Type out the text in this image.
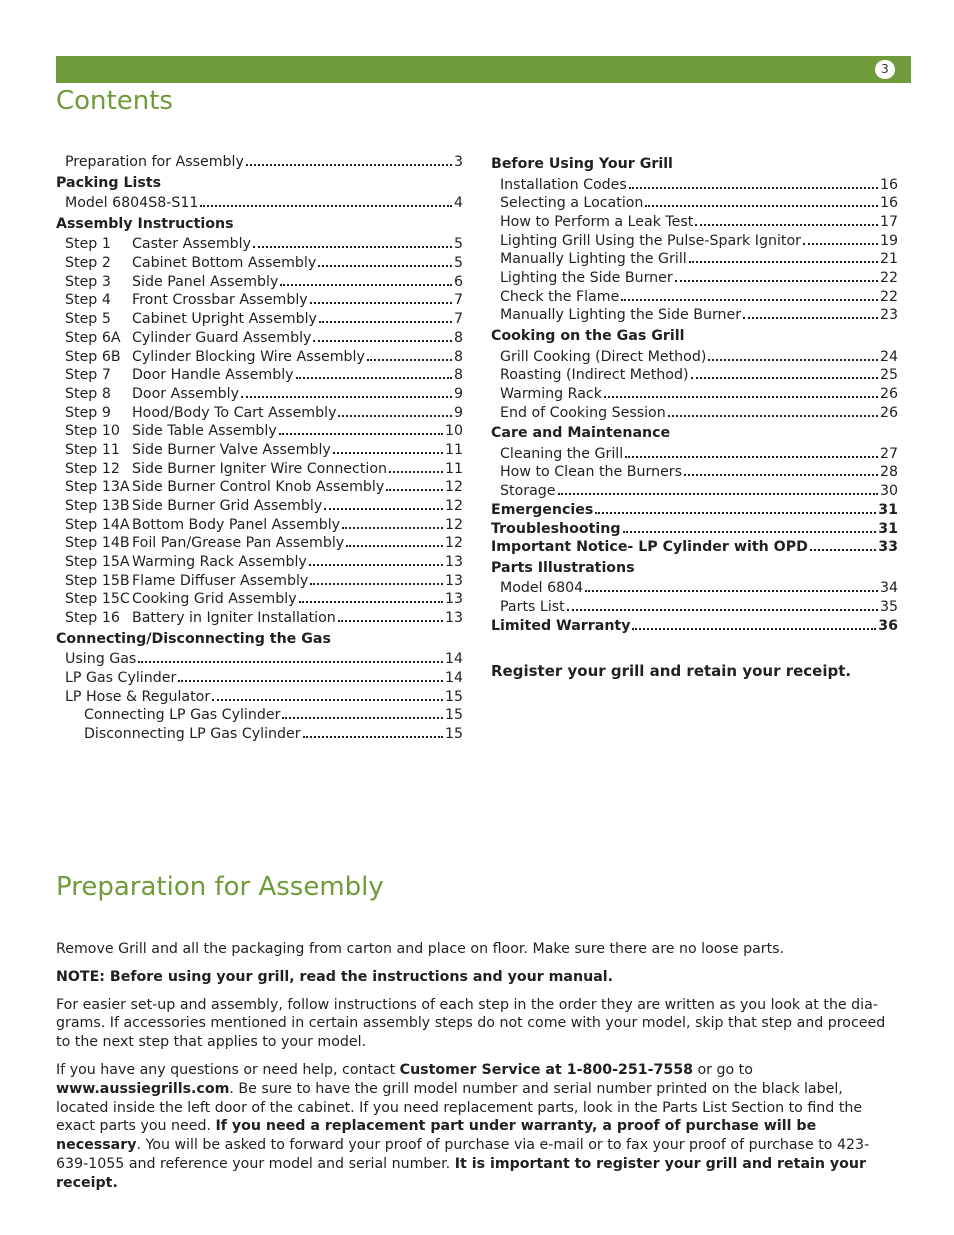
3
Contents
Preparation for Assembly	3
Packing Lists
Model 6804S8-S11	4
Assembly Instructions
Step 1	Caster Assembly	5
Step 2	Cabinet Bottom Assembly	5
Step 3	Side Panel Assembly	6
Step 4	Front Crossbar Assembly	7
Step 5	Cabinet Upright Assembly	7
Step 6A Cylinder Guard Assembly	8
Step 6B Cylinder Blocking Wire Assembly	8
Step 7	Door Handle Assembly	8
Step 8	Door Assembly	9
Step 9	Hood/Body To Cart Assembly	9
Step 10 Side Table Assembly	10
Step 11 Side Burner Valve Assembly	11
Step 12 Side Burner Igniter Wire Connection	11
Step 13A Side Burner Control Knob Assembly	12
Step 13B Side Burner Grid Assembly	12
Step 14A Bottom Body Panel Assembly	12
Step 14B Foil Pan/Grease Pan Assembly	12
Step 15A Warming Rack Assembly	13
Step 15B Flame Diffuser Assembly	13
Step 15C Cooking Grid Assembly	13
Step 16 Battery in Igniter Installation	13
Connecting/Disconnecting the Gas
Using Gas	14
LP Gas Cylinder	14
LP Hose & Regulator	15
Connecting LP Gas Cylinder	15
Disconnecting LP Gas Cylinder	15
Before Using Your Grill
Installation Codes	16
Selecting a Location	16
How to Perform a Leak Test	17
Lighting Grill Using the Pulse-Spark Ignitor	19
Manually Lighting the Grill	21
Lighting the Side Burner	22
Check the Flame	22
Manually Lighting the Side Burner	23
Cooking on the Gas Grill
Grill Cooking (Direct Method)	24
Roasting (Indirect Method)	25
Warming Rack	26
End of Cooking Session	26
Care and Maintenance
Cleaning the Grill	27
How to Clean the Burners	28
Storage	30
Emergencies	31
Troubleshooting	31
Important Notice- LP Cylinder with OPD	33
Parts Illustrations
Model 6804	34
Parts List	35
Limited Warranty	36
Register your grill and retain your receipt.
Preparation for Assembly

Remove Grill and all the packaging from carton and place on floor. Make sure there are no loose parts.

NOTE: Before using your grill, read the instructions and your manual.

For easier set-up and assembly, follow instructions of each step in the order they are written as you look at the dia-grams. If accessories mentioned in certain assembly steps do not come with your model, skip that step and proceed to the next step that applies to your model.

If you have any questions or need help, contact Customer Service at 1-800-251-7558 or go to www.aussiegrills.com. Be sure to have the grill model number and serial number printed on the black label, located inside the left door of the cabinet. If you need replacement parts, look in the Parts List Section to find the exact parts you need. If you need a replacement part under warranty, a proof of purchase will be necessary. You will be asked to forward your proof of purchase via e-mail or to fax your proof of purchase to 423-639-1055 and reference your model and serial number. It is important to register your grill and retain your receipt.
